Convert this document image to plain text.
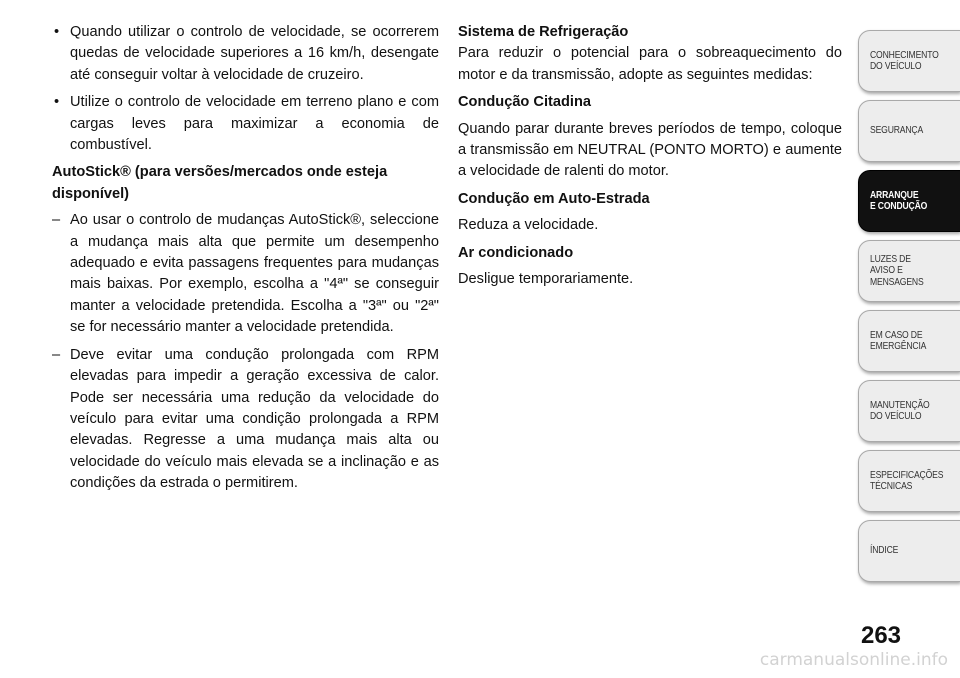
• Quando utilizar o controlo de velocidade, se ocorrerem quedas de velocidade superiores a 16 km/h, desengate até conseguir voltar à velocidade de cruzeiro.

• Utilize o controlo de velocidade em terreno plano e com cargas leves para maximizar a economia de combustível.

AutoStick® (para versões/mercados onde esteja disponível)

– Ao usar o controlo de mudanças AutoStick®, seleccione a mudança mais alta que permite um desempenho adequado e evita passagens frequentes para mudanças mais baixas. Por exemplo, escolha a "4ª" se conseguir manter a velocidade pretendida. Escolha a "3ª" ou "2ª" se for necessário manter a velocidade pretendida.

– Deve evitar uma condução prolongada com RPM elevadas para impedir a geração excessiva de calor. Pode ser necessária uma redução da velocidade do veículo para evitar uma condição prolongada a RPM elevadas. Regresse a uma mudança mais alta ou velocidade do veículo mais elevada se a inclinação e as condições da estrada o permitirem.

Sistema de Refrigeração

Para reduzir o potencial para o sobreaquecimento do motor e da transmissão, adopte as seguintes medidas:

Condução Citadina

Quando parar durante breves períodos de tempo, coloque a transmissão em NEUTRAL (PONTO MORTO) e aumente a velocidade de ralenti do motor.

Condução em Auto-Estrada

Reduza a velocidade.

Ar condicionado

Desligue temporariamente.

CONHECIMENTO
DO VEÍCULO
SEGURANÇA
ARRANQUE
E CONDUÇÃO
LUZES DE
AVISO E
MENSAGENS
EM CASO DE
EMERGÊNCIA
MANUTENÇÃO
DO VEÍCULO
ESPECIFICAÇÕES
TÉCNICAS
ÍNDICE
263
carmanualsonline.info
